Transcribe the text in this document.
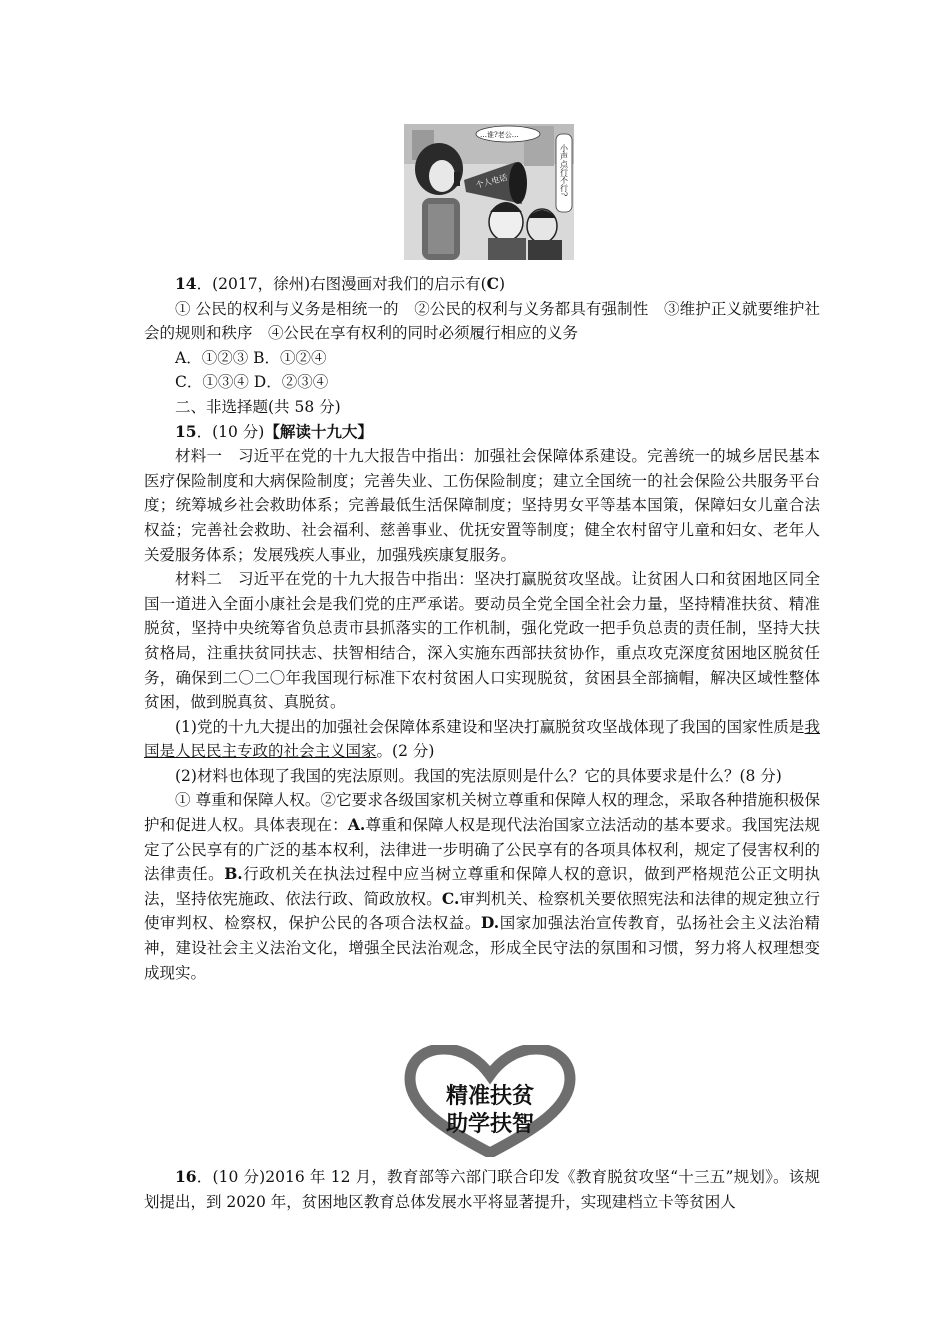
个人电话
…谁?老公…
小声点行不行?

14．(2017，徐州)右图漫画对我们的启示有(C)

① 公民的权利与义务是相统一的　②公民的权利与义务都具有强制性　③维护正义就要维护社会的规则和秩序　④公民在享有权利的同时必须履行相应的义务

A．①②③ B．①②④

C．①③④ D．②③④

二、非选择题(共 58 分)

15．(10 分)【解读十九大】

材料一　习近平在党的十九大报告中指出：加强社会保障体系建设。完善统一的城乡居民基本医疗保险制度和大病保险制度；完善失业、工伤保险制度；建立全国统一的社会保险公共服务平台度；统筹城乡社会救助体系；完善最低生活保障制度；坚持男女平等基本国策，保障妇女儿童合法权益；完善社会救助、社会福利、慈善事业、优抚安置等制度；健全农村留守儿童和妇女、老年人关爱服务体系；发展残疾人事业，加强残疾康复服务。

材料二　习近平在党的十九大报告中指出：坚决打赢脱贫攻坚战。让贫困人口和贫困地区同全国一道进入全面小康社会是我们党的庄严承诺。要动员全党全国全社会力量，坚持精准扶贫、精准脱贫，坚持中央统筹省负总责市县抓落实的工作机制，强化党政一把手负总责的责任制，坚持大扶贫格局，注重扶贫同扶志、扶智相结合，深入实施东西部扶贫协作，重点攻克深度贫困地区脱贫任务，确保到二〇二〇年我国现行标准下农村贫困人口实现脱贫，贫困县全部摘帽，解决区域性整体贫困，做到脱真贫、真脱贫。

(1)党的十九大提出的加强社会保障体系建设和坚决打赢脱贫攻坚战体现了我国的国家性质是我国是人民民主专政的社会主义国家。(2 分)

(2)材料也体现了我国的宪法原则。我国的宪法原则是什么？它的具体要求是什么？(8 分)

① 尊重和保障人权。②它要求各级国家机关树立尊重和保障人权的理念，采取各种措施积极保护和促进人权。具体表现在：A.尊重和保障人权是现代法治国家立法活动的基本要求。我国宪法规定了公民享有的广泛的基本权利，法律进一步明确了公民享有的各项具体权利，规定了侵害权利的法律责任。B.行政机关在执法过程中应当树立尊重和保障人权的意识，做到严格规范公正文明执法，坚持依宪施政、依法行政、简政放权。C.审判机关、检察机关要依照宪法和法律的规定独立行使审判权、检察权，保护公民的各项合法权益。D.国家加强法治宣传教育，弘扬社会主义法治精神，建设社会主义法治文化，增强全民法治观念，形成全民守法的氛围和习惯，努力将人权理想变成现实。

精准扶贫
助学扶智

16．(10 分)2016 年 12 月，教育部等六部门联合印发《教育脱贫攻坚“十三五”规划》。该规划提出，到 2020 年，贫困地区教育总体发展水平将显著提升，实现建档立卡等贫困人
